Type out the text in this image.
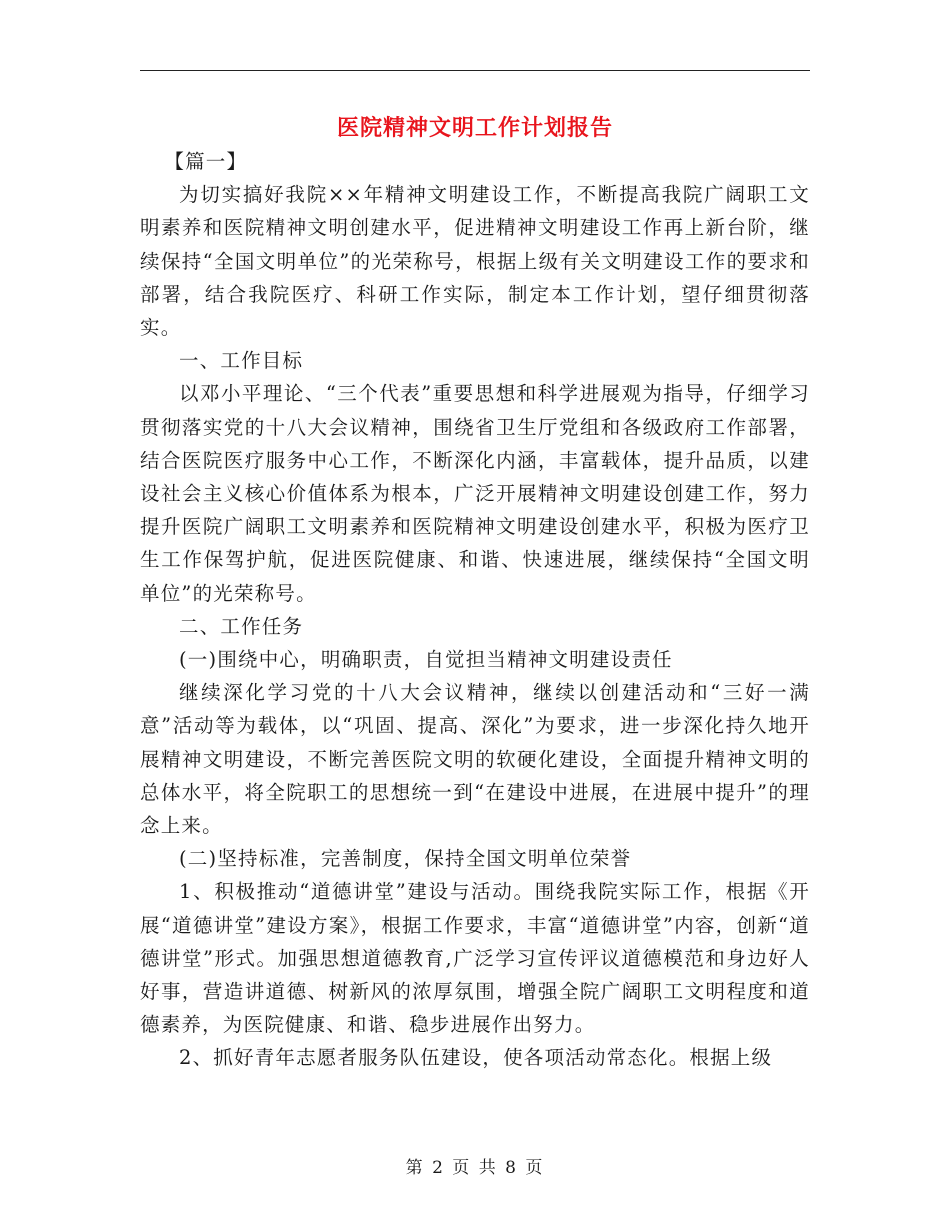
医院精神文明工作计划报告

【篇一】

为切实搞好我院××年精神文明建设工作，不断提高我院广阔职工文明素养和医院精神文明创建水平，促进精神文明建设工作再上新台阶，继续保持“全国文明单位”的光荣称号，根据上级有关文明建设工作的要求和部署，结合我院医疗、科研工作实际，制定本工作计划，望仔细贯彻落实。

一、工作目标

以邓小平理论、“三个代表”重要思想和科学进展观为指导，仔细学习贯彻落实党的十八大会议精神，围绕省卫生厅党组和各级政府工作部署，结合医院医疗服务中心工作，不断深化内涵，丰富载体，提升品质，以建设社会主义核心价值体系为根本，广泛开展精神文明建设创建工作，努力提升医院广阔职工文明素养和医院精神文明建设创建水平，积极为医疗卫生工作保驾护航，促进医院健康、和谐、快速进展，继续保持“全国文明单位”的光荣称号。

二、工作任务

(一)围绕中心，明确职责，自觉担当精神文明建设责任

继续深化学习党的十八大会议精神，继续以创建活动和“三好一满意”活动等为载体，以“巩固、提高、深化”为要求，进一步深化持久地开展精神文明建设，不断完善医院文明的软硬化建设，全面提升精神文明的总体水平，将全院职工的思想统一到“在建设中进展，在进展中提升”的理念上来。

(二)坚持标准，完善制度，保持全国文明单位荣誉

1、积极推动“道德讲堂”建设与活动。围绕我院实际工作，根据《开展“道德讲堂”建设方案》，根据工作要求，丰富“道德讲堂”内容，创新“道德讲堂”形式。加强思想道德教育,广泛学习宣传评议道德模范和身边好人好事，营造讲道德、树新风的浓厚氛围，增强全院广阔职工文明程度和道德素养，为医院健康、和谐、稳步进展作出努力。

2、抓好青年志愿者服务队伍建设，使各项活动常态化。根据上级

第 2 页 共 8 页
